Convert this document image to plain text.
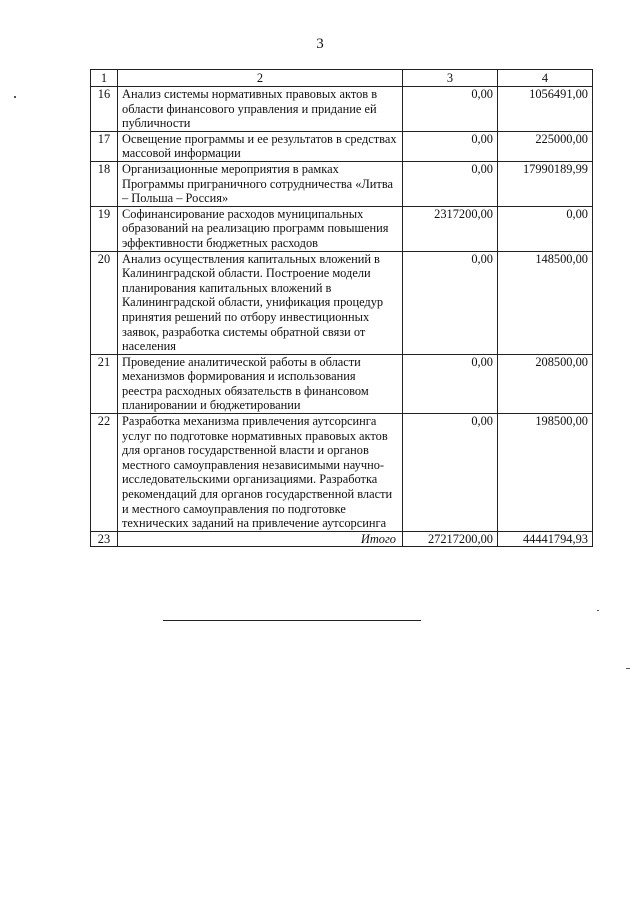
3
1	2	3	4
16	Анализ системы нормативных правовых актов в области финансового управления и придание ей публичности	0,00	1056491,00
17	Освещение программы и ее результатов в средствах массовой информации	0,00	225000,00
18	Организационные мероприятия в рамках Программы приграничного сотрудничества «Литва – Польша – Россия»	0,00	17990189,99
19	Софинансирование расходов муниципальных образований на реализацию программ повышения эффективности бюджетных расходов	2317200,00	0,00
20	Анализ осуществления капитальных вложений в Калининградской области. Построение модели планирования капитальных вложений в Калининградской области, унификация процедур принятия решений по отбору инвестиционных заявок, разработка системы обратной связи от населения	0,00	148500,00
21	Проведение аналитической работы в области механизмов формирования и использования реестра расходных обязательств в финансовом планировании и бюджетировании	0,00	208500,00
22	Разработка механизма привлечения аутсорсинга услуг по подготовке нормативных правовых актов для органов государственной власти и органов местного самоуправления независимыми научно-исследовательскими организациями. Разработка рекомендаций для органов государственной власти и местного самоуправления по подготовке технических заданий на привлечение аутсорсинга	0,00	198500,00
23	Итого	27217200,00	44441794,93
